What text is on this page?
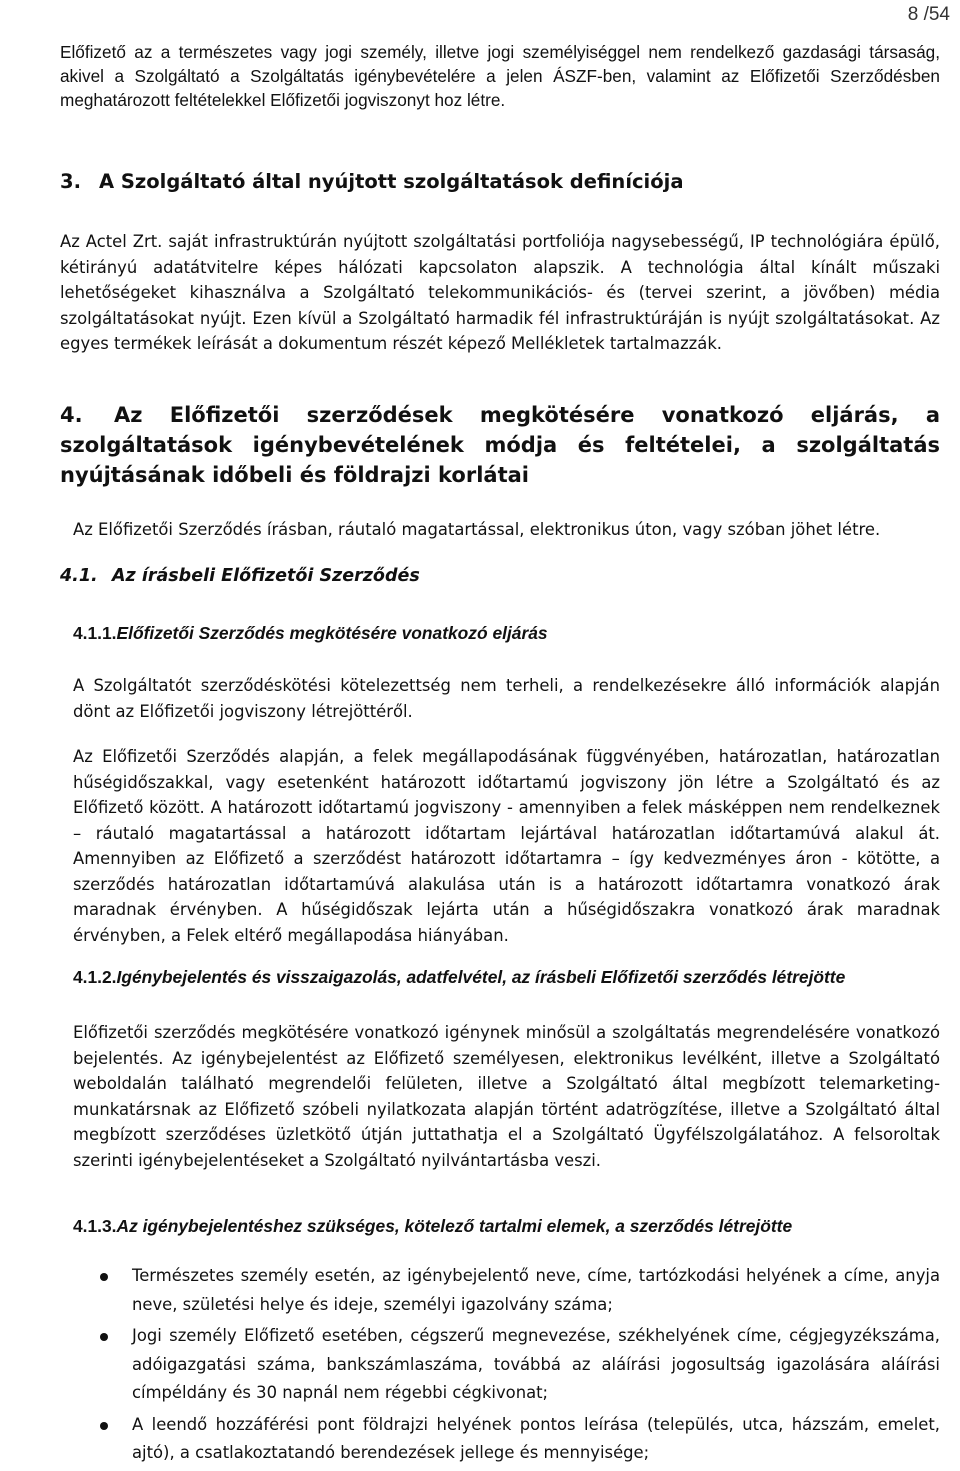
8 /54

Előfizető az a természetes vagy jogi személy, illetve jogi személyiséggel nem rendelkező gazdasági társaság, akivel a Szolgáltató a Szolgáltatás igénybevételére a jelen ÁSZF-ben, valamint az Előfizetői Szerződésben meghatározott feltételekkel Előfizetői jogviszonyt hoz létre.

3. A Szolgáltató által nyújtott szolgáltatások definíciója

Az Actel Zrt. saját infrastruktúrán nyújtott szolgáltatási portfoliója nagysebességű, IP technológiára épülő, kétirányú adatátvitelre képes hálózati kapcsolaton alapszik. A technológia által kínált műszaki lehetőségeket kihasználva a Szolgáltató telekommunikációs- és (tervei szerint, a jövőben) média szolgáltatásokat nyújt. Ezen kívül a Szolgáltató harmadik fél infrastruktúráján is nyújt szolgáltatásokat. Az egyes termékek leírását a dokumentum részét képező Mellékletek tartalmazzák.

4. Az Előfizetői szerződések megkötésére vonatkozó eljárás, a szolgáltatások igénybevételének módja és feltételei, a szolgáltatás nyújtásának időbeli és földrajzi korlátai

Az Előfizetői Szerződés írásban, ráutaló magatartással, elektronikus úton, vagy szóban jöhet létre.

4.1. Az írásbeli Előfizetői Szerződés
4.1.1.Előfizetői Szerződés megkötésére vonatkozó eljárás

A Szolgáltatót szerződéskötési kötelezettség nem terheli, a rendelkezésekre álló információk alapján dönt az Előfizetői jogviszony létrejöttéről.

Az Előfizetői Szerződés alapján, a felek megállapodásának függvényében, határozatlan, határozatlan hűségidőszakkal, vagy esetenként határozott időtartamú jogviszony jön létre a Szolgáltató és az Előfizető között. A határozott időtartamú jogviszony - amennyiben a felek másképpen nem rendelkeznek – ráutaló magatartással a határozott időtartam lejártával határozatlan időtartamúvá alakul át. Amennyiben az Előfizető a szerződést határozott időtartamra – így kedvezményes áron - kötötte, a szerződés határozatlan időtartamúvá alakulása után is a határozott időtartamra vonatkozó árak maradnak érvényben. A hűségidőszak lejárta után a hűségidőszakra vonatkozó árak maradnak érvényben, a Felek eltérő megállapodása hiányában.

4.1.2.Igénybejelentés és visszaigazolás, adatfelvétel, az írásbeli Előfizetői szerződés létrejötte

Előfizetői szerződés megkötésére vonatkozó igénynek minősül a szolgáltatás megrendelésére vonatkozó bejelentés. Az igénybejelentést az Előfizető személyesen, elektronikus levélként, illetve a Szolgáltató weboldalán található megrendelői felületen, illetve a Szolgáltató által megbízott telemarketing-munkatársnak az Előfizető szóbeli nyilatkozata alapján történt adatrögzítése, illetve a Szolgáltató által megbízott szerződéses üzletkötő útján juttathatja el a Szolgáltató Ügyfélszolgálatához. A felsoroltak szerinti igénybejelentéseket a Szolgáltató nyilvántartásba veszi.

4.1.3.Az igénybejelentéshez szükséges, kötelező tartalmi elemek, a szerződés létrejötte
Természetes személy esetén, az igénybejelentő neve, címe, tartózkodási helyének a címe, anyja neve, születési helye és ideje, személyi igazolvány száma;
Jogi személy Előfizető esetében, cégszerű megnevezése, székhelyének címe, cégjegyzékszáma, adóigazgatási száma, bankszámlaszáma, továbbá az aláírási jogosultság igazolására aláírási címpéldány és 30 napnál nem régebbi cégkivonat;
A leendő hozzáférési pont földrajzi helyének pontos leírása (település, utca, házszám, emelet, ajtó), a csatlakoztatandó berendezések jellege és mennyisége;
